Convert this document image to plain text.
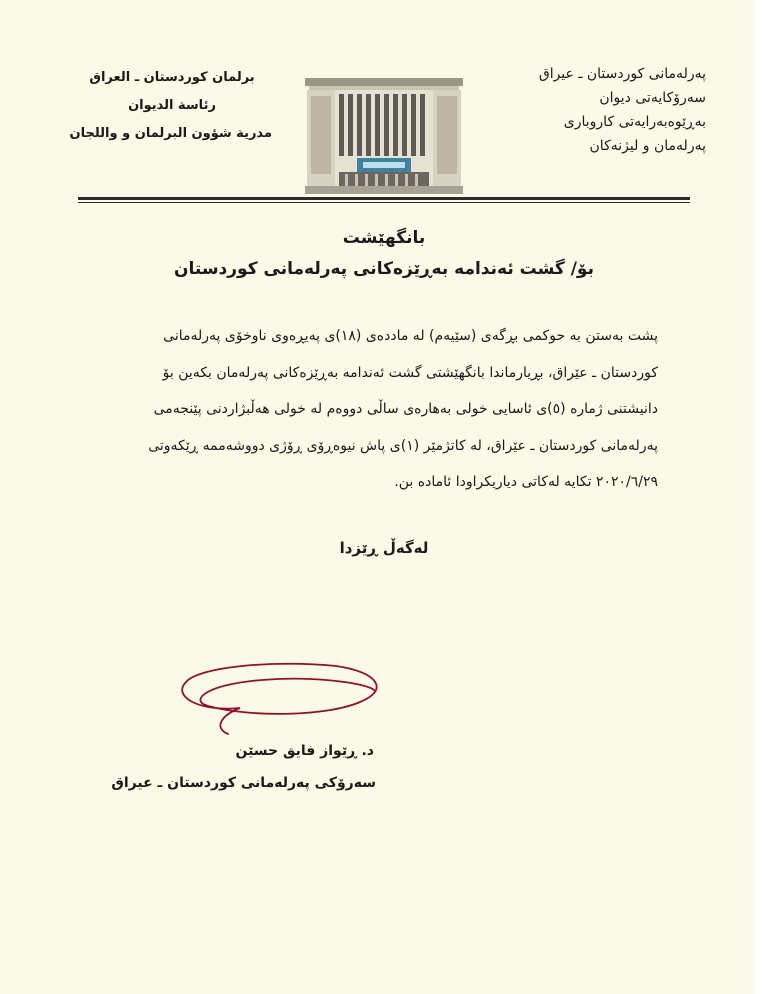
پەرلەمانی کوردستان ـ عیراق
سەرۆکایەتی دیوان
بەڕێوەبەرایەتی کاروباری
پەرلەمان و لیژنەکان
برلمان كوردستان ـ العراق
رئاسة الديوان
مدرية شؤون البرلمان و واللجان
بانگهێشت
بۆ/ گشت ئەندامە بەڕێزەکانی پەرلەمانی کوردستان
پشت بەستن بە حوکمی بڕگەی (سێیەم) لە ماددەی (١٨)ی پەیڕەوی ناوخۆی پەرلەمانی
کوردستان ـ عێراق، بڕیارماندا بانگهێشتی گشت ئەندامە بەڕێزەکانی پەرلەمان بکەین بۆ
دانیشتنی ژمارە (٥)ی ئاسایی خولی بەهارەی ساڵی دووەم لە خولی هەڵبژاردنی پێنجەمی
پەرلەمانی کوردستان ـ عێراق، لە کاتژمێر (١)ی پاش نیوەڕۆی ڕۆژی دووشەممە ڕێکەوتی
٢٠٢٠/٦/٢٩ تکایە لەکاتی دیاریکراودا ئامادە بن.
لەگەڵ ڕێزدا
د. ڕێواز فایق حسێن
سەرۆکی پەرلەمانی کوردستان ـ عیراق
